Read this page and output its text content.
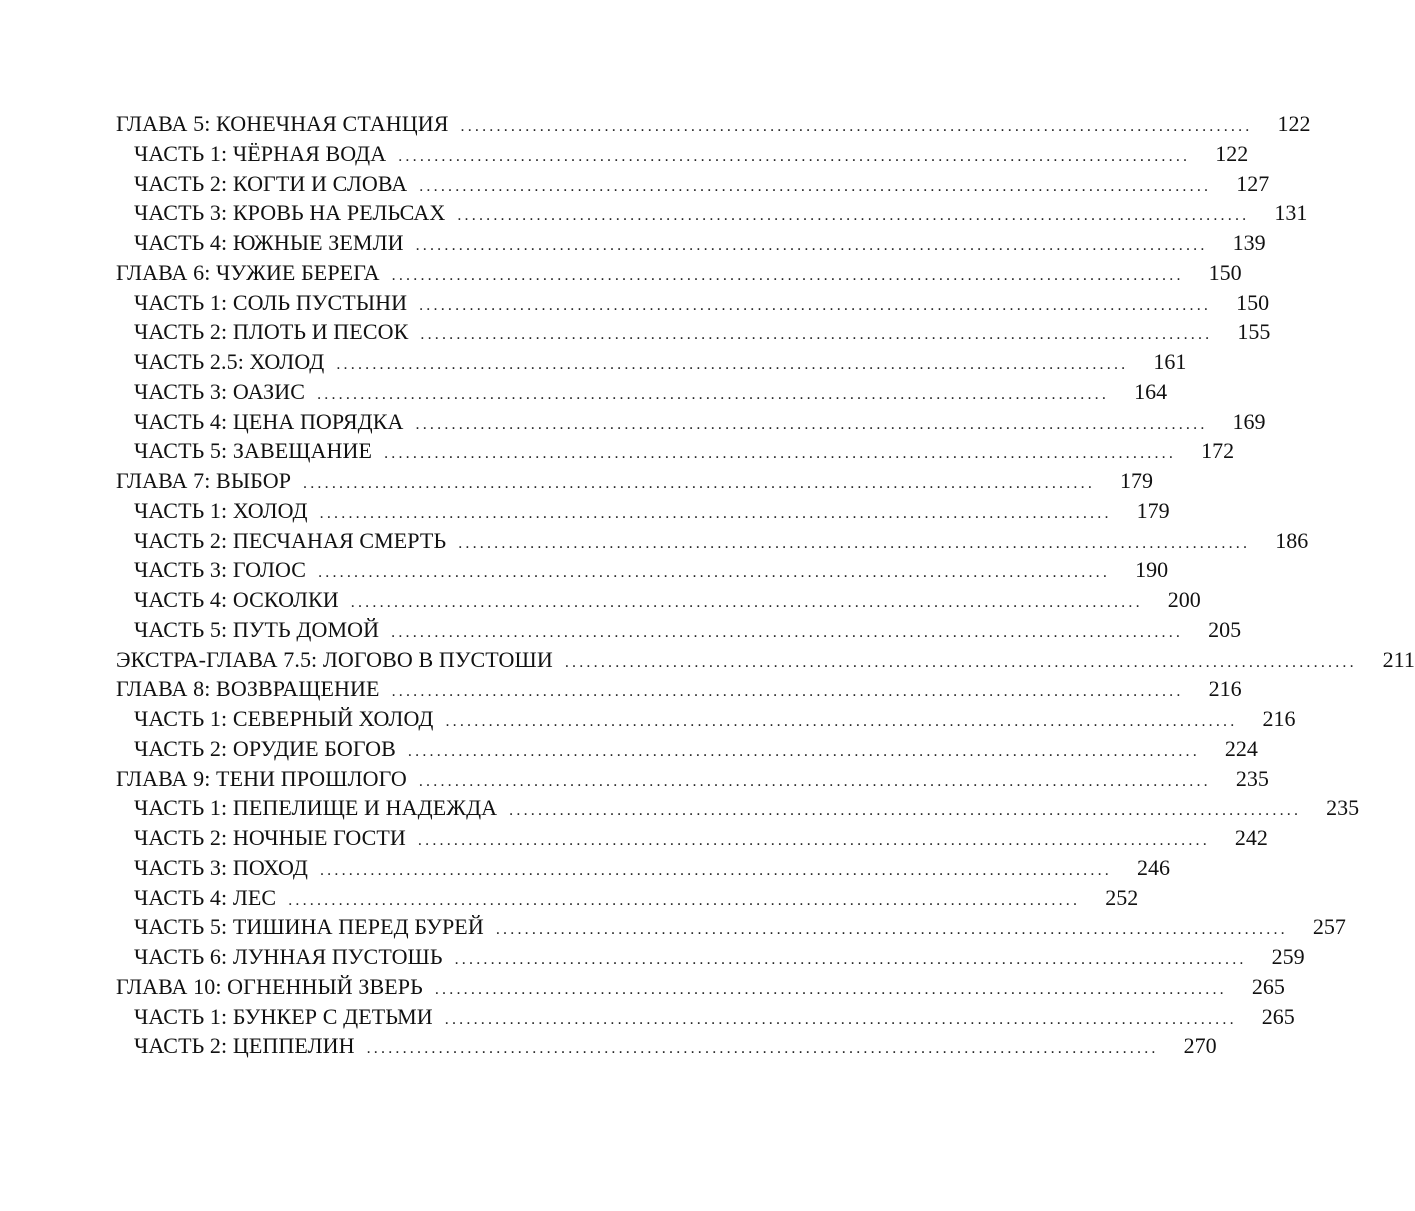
ГЛАВА 5: КОНЕЧНАЯ СТАНЦИЯ ..............................................................................................................	122
ЧАСТЬ 1: ЧЁРНАЯ ВОДА ..............................................................................................................	122
ЧАСТЬ 2: КОГТИ И СЛОВА ..............................................................................................................	127
ЧАСТЬ 3: КРОВЬ НА РЕЛЬСАХ ..............................................................................................................	131
ЧАСТЬ 4: ЮЖНЫЕ ЗЕМЛИ ..............................................................................................................	139
ГЛАВА 6: ЧУЖИЕ БЕРЕГА ..............................................................................................................	150
ЧАСТЬ 1: СОЛЬ ПУСТЫНИ ..............................................................................................................	150
ЧАСТЬ 2: ПЛОТЬ И ПЕСОК ..............................................................................................................	155
ЧАСТЬ 2.5: ХОЛОД ..............................................................................................................	161
ЧАСТЬ 3: ОАЗИС ..............................................................................................................	164
ЧАСТЬ 4: ЦЕНА ПОРЯДКА ..............................................................................................................	169
ЧАСТЬ 5: ЗАВЕЩАНИЕ ..............................................................................................................	172
ГЛАВА 7: ВЫБОР ..............................................................................................................	179
ЧАСТЬ 1: ХОЛОД ..............................................................................................................	179
ЧАСТЬ 2: ПЕСЧАНАЯ СМЕРТЬ ..............................................................................................................	186
ЧАСТЬ 3: ГОЛОС ..............................................................................................................	190
ЧАСТЬ 4: ОСКОЛКИ ..............................................................................................................	200
ЧАСТЬ 5: ПУТЬ ДОМОЙ ..............................................................................................................	205
ЭКСТРА-ГЛАВА 7.5: ЛОГОВО В ПУСТОШИ ..............................................................................................................	211
ГЛАВА 8: ВОЗВРАЩЕНИЕ ..............................................................................................................	216
ЧАСТЬ 1: СЕВЕРНЫЙ ХОЛОД ..............................................................................................................	216
ЧАСТЬ 2: ОРУДИЕ БОГОВ ..............................................................................................................	224
ГЛАВА 9: ТЕНИ ПРОШЛОГО ..............................................................................................................	235
ЧАСТЬ 1: ПЕПЕЛИЩЕ И НАДЕЖДА ..............................................................................................................	235
ЧАСТЬ 2: НОЧНЫЕ ГОСТИ ..............................................................................................................	242
ЧАСТЬ 3: ПОХОД ..............................................................................................................	246
ЧАСТЬ 4: ЛЕС ..............................................................................................................	252
ЧАСТЬ 5: ТИШИНА ПЕРЕД БУРЕЙ ..............................................................................................................	257
ЧАСТЬ 6: ЛУННАЯ ПУСТОШЬ ..............................................................................................................	259
ГЛАВА 10: ОГНЕННЫЙ ЗВЕРЬ ..............................................................................................................	265
ЧАСТЬ 1: БУНКЕР С ДЕТЬМИ ..............................................................................................................	265
ЧАСТЬ 2: ЦЕППЕЛИН ..............................................................................................................	270
